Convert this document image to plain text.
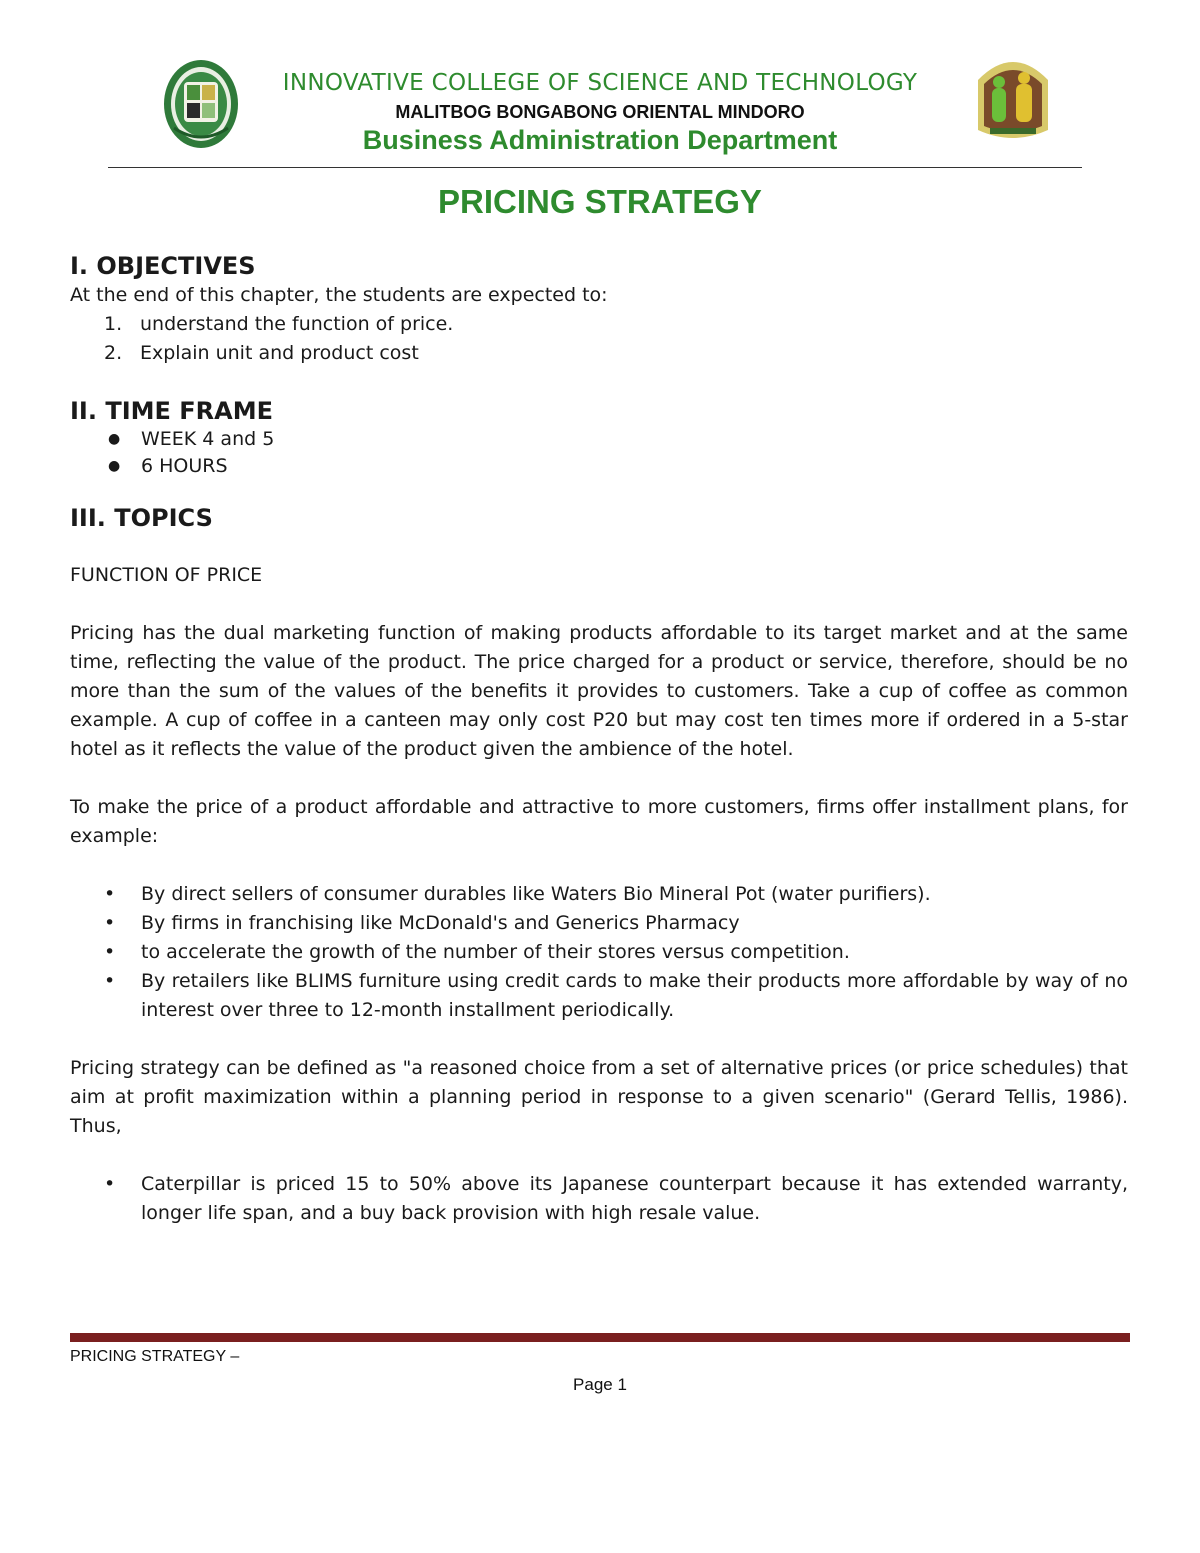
INNOVATIVE COLLEGE OF SCIENCE AND TECHNOLOGY
MALITBOG BONGABONG ORIENTAL MINDORO
Business Administration Department
PRICING STRATEGY
I. OBJECTIVES

At the end of this chapter, the students are expected to:

1. understand the function of price.
2. Explain unit and product cost
II. TIME FRAME
● WEEK 4 and 5
● 6 HOURS
III. TOPICS

FUNCTION OF PRICE

Pricing has the dual marketing function of making products affordable to its target market and at the same time, reflecting the value of the product. The price charged for a product or service, therefore, should be no more than the sum of the values of the benefits it provides to customers. Take a cup of coffee as common example. A cup of coffee in a canteen may only cost P20 but may cost ten times more if ordered in a 5-star hotel as it reflects the value of the product given the ambience of the hotel.

To make the price of a product affordable and attractive to more customers, firms offer installment plans, for example:

• By direct sellers of consumer durables like Waters Bio Mineral Pot (water purifiers).
• By firms in franchising like McDonald's and Generics Pharmacy
• to accelerate the growth of the number of their stores versus competition.
• By retailers like BLIMS furniture using credit cards to make their products more affordable by way of no interest over three to 12-month installment periodically.

Pricing strategy can be defined as "a reasoned choice from a set of alternative prices (or price schedules) that aim at profit maximization within a planning period in response to a given scenario" (Gerard Tellis, 1986). Thus,

• Caterpillar is priced 15 to 50% above its Japanese counterpart because it has extended warranty, longer life span, and a buy back provision with high resale value.
PRICING STRATEGY –
Page 1
